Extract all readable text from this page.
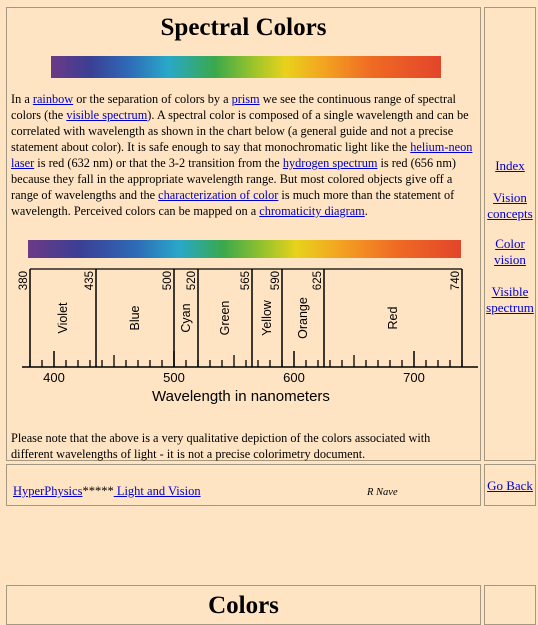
Spectral Colors

In a rainbow or the separation of colors by a prism we see the continuous range of spectral colors (the visible spectrum). A spectral color is composed of a single wavelength and can be correlated with wavelength as shown in the chart below (a general guide and not a precise statement about color). It is safe enough to say that monochromatic light like the helium-neon laser is red (632 nm) or that the 3-2 transition from the hydrogen spectrum is red (656 nm) because they fall in the appropriate wavelength range. But most colored objects give off a range of wavelengths and the characterization of color is much more than the statement of wavelength. Perceived colors can be mapped on a chromaticity diagram.

380	435	500 520	565 590	625	740
Violet	Blue	Cyan Green Yellow Orange	Red
400	500	600	700
Wavelength in nanometers

Please note that the above is a very qualitative depiction of the colors associated with different wavelengths of light - it is not a precise colorimetry document.

Index
Vision concepts
Color vision
Visible spectrum
HyperPhysics***** Light and Vision	R Nave	Go Back
Colors
